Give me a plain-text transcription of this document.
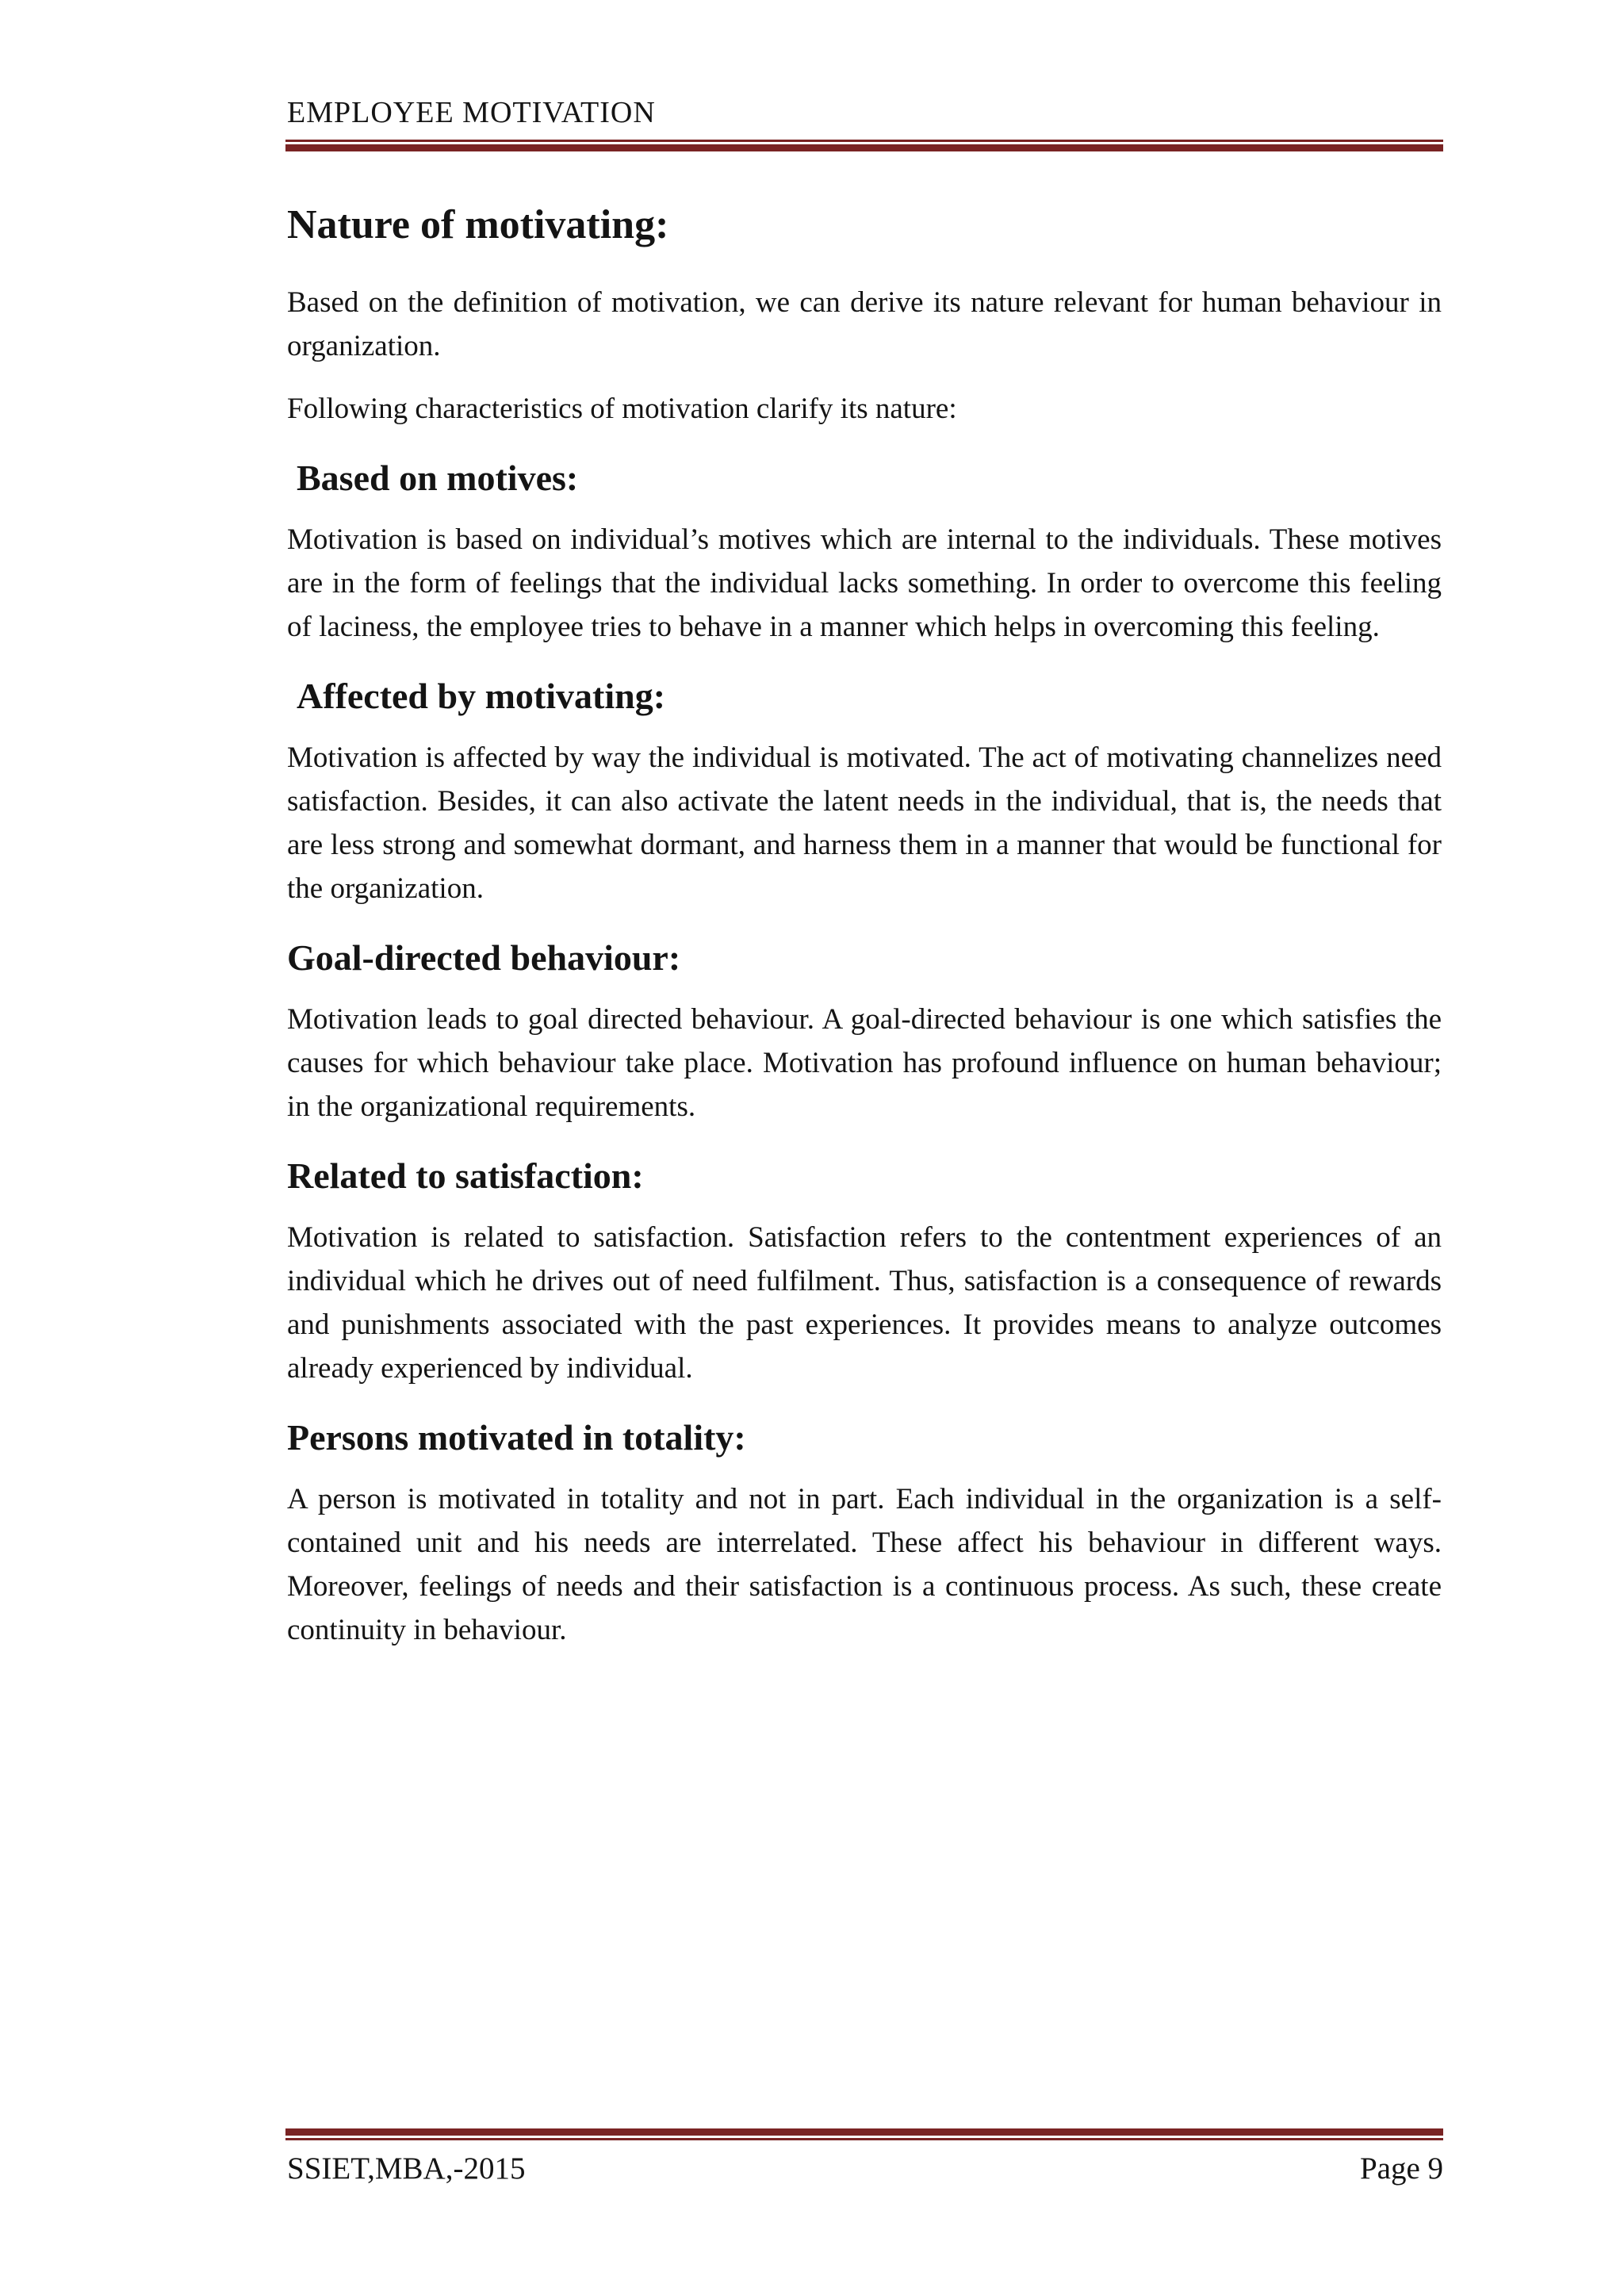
EMPLOYEE MOTIVATION
Nature of motivating:

Based on the definition of motivation, we can derive its nature relevant for human behaviour in organization.

Following characteristics of motivation clarify its nature:

Based on motives:

Motivation is based on individual’s motives which are internal to the individuals. These motives are in the form of feelings that the individual lacks something. In order to overcome this feeling of laciness, the employee tries to behave in a manner which helps in overcoming this feeling.

Affected by motivating:

Motivation is affected by way the individual is motivated. The act of motivating channelizes need satisfaction. Besides, it can also activate the latent needs in the individual, that is, the needs that are less strong and somewhat dormant, and harness them in a manner that would be functional for the organization.

Goal-directed behaviour:

Motivation leads to goal directed behaviour. A goal-directed behaviour is one which satisfies the causes for which behaviour take place. Motivation has profound influence on human behaviour; in the organizational requirements.

Related to satisfaction:

Motivation is related to satisfaction. Satisfaction refers to the contentment experiences of an individual which he drives out of need fulfilment. Thus, satisfaction is a consequence of rewards and punishments associated with the past experiences. It provides means to analyze outcomes already experienced by individual.

Persons motivated in totality:

A person is motivated in totality and not in part. Each individual in the organization is a self-contained unit and his needs are interrelated. These affect his behaviour in different ways. Moreover, feelings of needs and their satisfaction is a continuous process. As such, these create continuity in behaviour.

SSIET,MBA,-2015	Page 9
